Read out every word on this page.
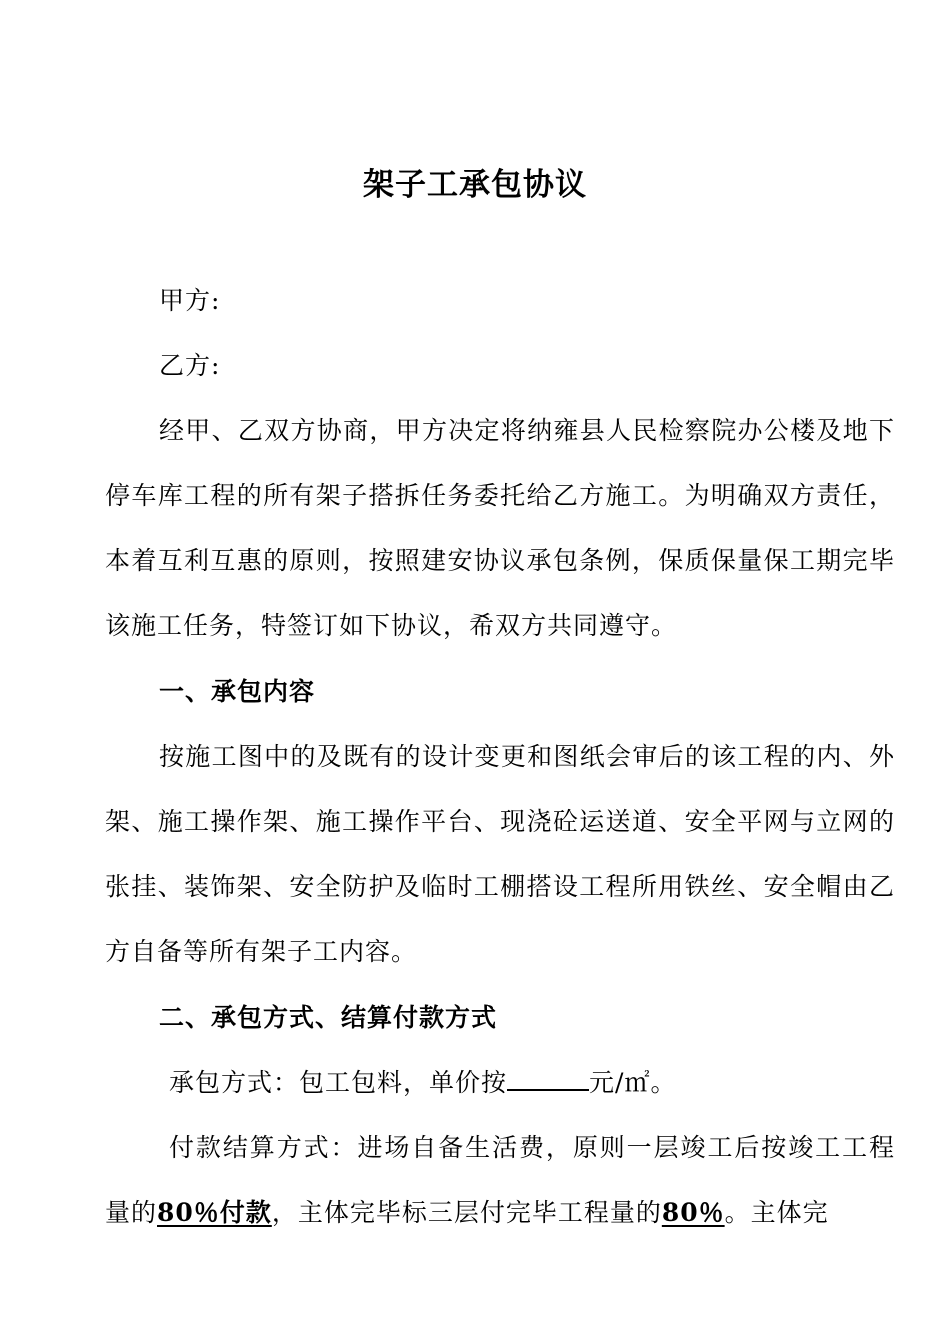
架子工承包协议

甲方:

乙方:

经甲、乙双方协商，甲方决定将纳雍县人民检察院办公楼及地下停车库工程的所有架子搭拆任务委托给乙方施工。为明确双方责任，本着互利互惠的原则，按照建安协议承包条例，保质保量保工期完毕该施工任务，特签订如下协议，希双方共同遵守。

一、承包内容

按施工图中的及既有的设计变更和图纸会审后的该工程的内、外架、施工操作架、施工操作平台、现浇砼运送道、安全平网与立网的张挂、装饰架、安全防护及临时工棚搭设工程所用铁丝、安全帽由乙方自备等所有架子工内容。

二、承包方式、结算付款方式

承包方式：包工包料，单价按	元/㎡。

付款结算方式：进场自备生活费，原则一层竣工后按竣工工程量的80％付款，主体完毕标三层付完毕工程量的80％。主体完
